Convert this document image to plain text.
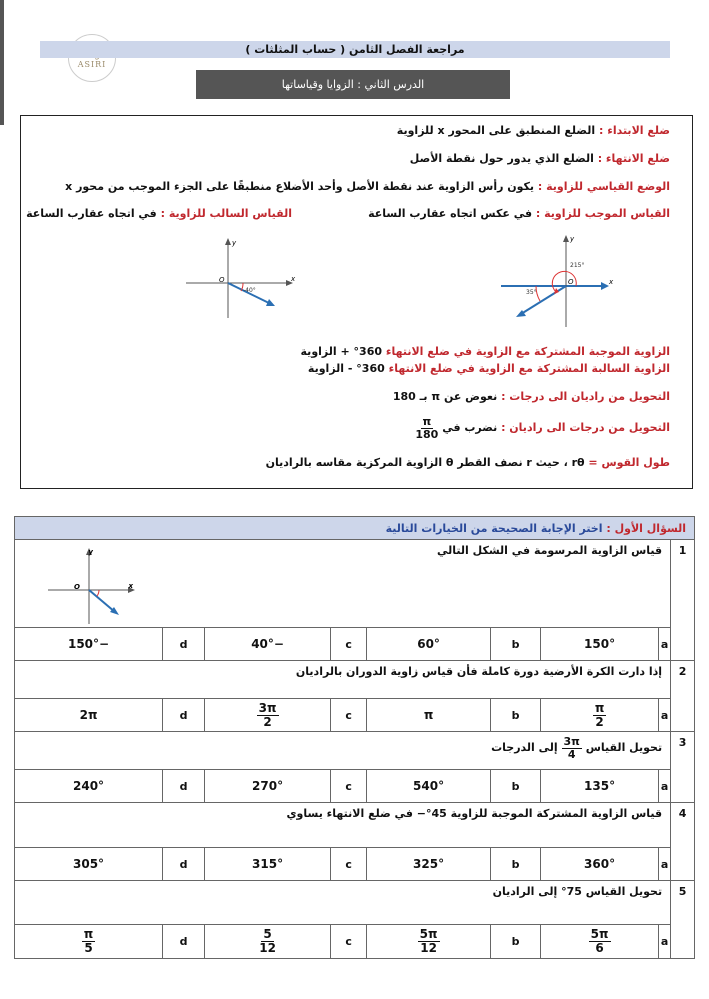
ASIRI
مراجعة الفصل الثامن ( حساب المثلثات )
الدرس الثاني : الزوايا وقياساتها
ضلع الابتداء : الضلع المنطبق على المحور x للزاوية
ضلع الانتهاء : الضلع الذي يدور حول نقطة الأصل
الوضع القياسي للزاوية : يكون رأس الزاوية عند نقطة الأصل وأحد الأضلاع منطبقًا على الجزء الموجب من محور x
القياس الموجب للزاوية : في عكس اتجاه عقارب الساعة
القياس السالب للزاوية : في اتجاه عقارب الساعة
-40°
x
y
O
215°
35°
x
y
O
الزاوية الموجبة المشتركة مع الزاوية في ضلع الانتهاء 360° + الزاوية
الزاوية السالبة المشتركة مع الزاوية في ضلع الانتهاء 360° - الزاوية
التحويل من راديان الى درجات : نعوض عن π بـ 180
التحويل من درجات الى راديان : نضرب في
$\frac{\pi}{180}$
طول القوس = rθ ، حيث r نصف القطر θ الزاوية المركزية مقاسه بالراديان
السؤال الأول : اختر الإجابة الصحيحة من الخيارات التالية								
1	قياس الزاوية المرسومة في الشكل التالي
x
y
O							

	a	150°	b	60°	c	−40°	d	−150°
2	إذا دارت الكرة الأرضية دورة كاملة فأن قياس زاوية الدوران بالراديان							
	a	$\frac{\pi}{2}$	b	π	c	$\frac{3\pi}{2}$	d	2π
3	تحويل القياس
$\frac{3\pi}{4}$
إلى الدرجات							
	a	135°	b	540°	c	270°	d	240°
4	قياس الزاوية المشتركة الموجبة للزاوية 45°− في ضلع الانتهاء يساوي							
	a	360°	b	325°	c	315°	d	305°
5	تحويل القياس 75° إلى الراديان							
	a	$\frac{5\pi}{6}$	b	$\frac{5\pi}{12}$	c	$\frac{5}{12}$	d	$\frac{\pi}{5}$
